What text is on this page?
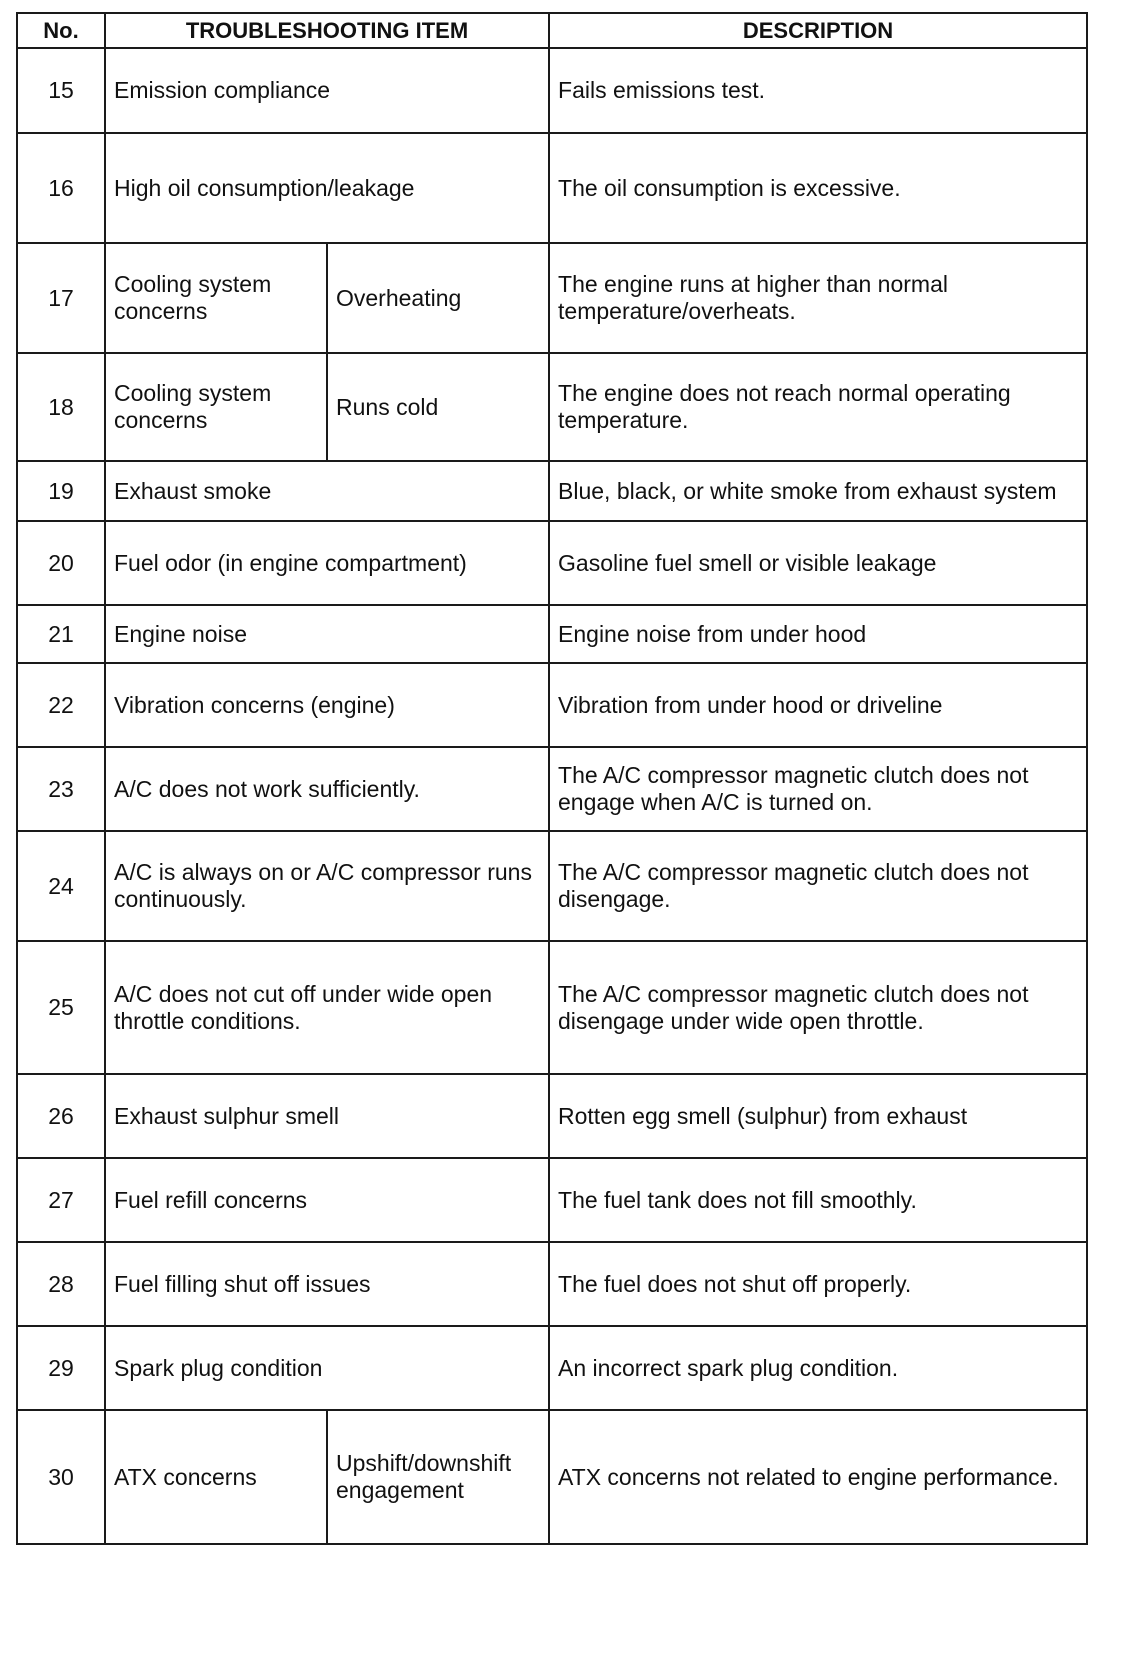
No.	TROUBLESHOOTING ITEM		DESCRIPTION
15	Emission compliance		Fails emissions test.
16	High oil consumption/leakage		The oil consumption is excessive.
17	Cooling system concerns	Overheating	The engine runs at higher than normal temperature/overheats.
18	Cooling system concerns	Runs cold	The engine does not reach normal operating temperature.
19	Exhaust smoke		Blue, black, or white smoke from exhaust system
20	Fuel odor (in engine compartment)		Gasoline fuel smell or visible leakage
21	Engine noise		Engine noise from under hood
22	Vibration concerns (engine)		Vibration from under hood or driveline
23	A/C does not work sufficiently.		The A/C compressor magnetic clutch does not engage when A/C is turned on.
24	A/C is always on or A/C compressor runs continuously.		The A/C compressor magnetic clutch does not disengage.
25	A/C does not cut off under wide open throttle conditions.		The A/C compressor magnetic clutch does not disengage under wide open throttle.
26	Exhaust sulphur smell		Rotten egg smell (sulphur) from exhaust
27	Fuel refill concerns		The fuel tank does not fill smoothly.
28	Fuel filling shut off issues		The fuel does not shut off properly.
29	Spark plug condition		An incorrect spark plug condition.
30	ATX concerns	Upshift/downshift engagement	ATX concerns not related to engine performance.
